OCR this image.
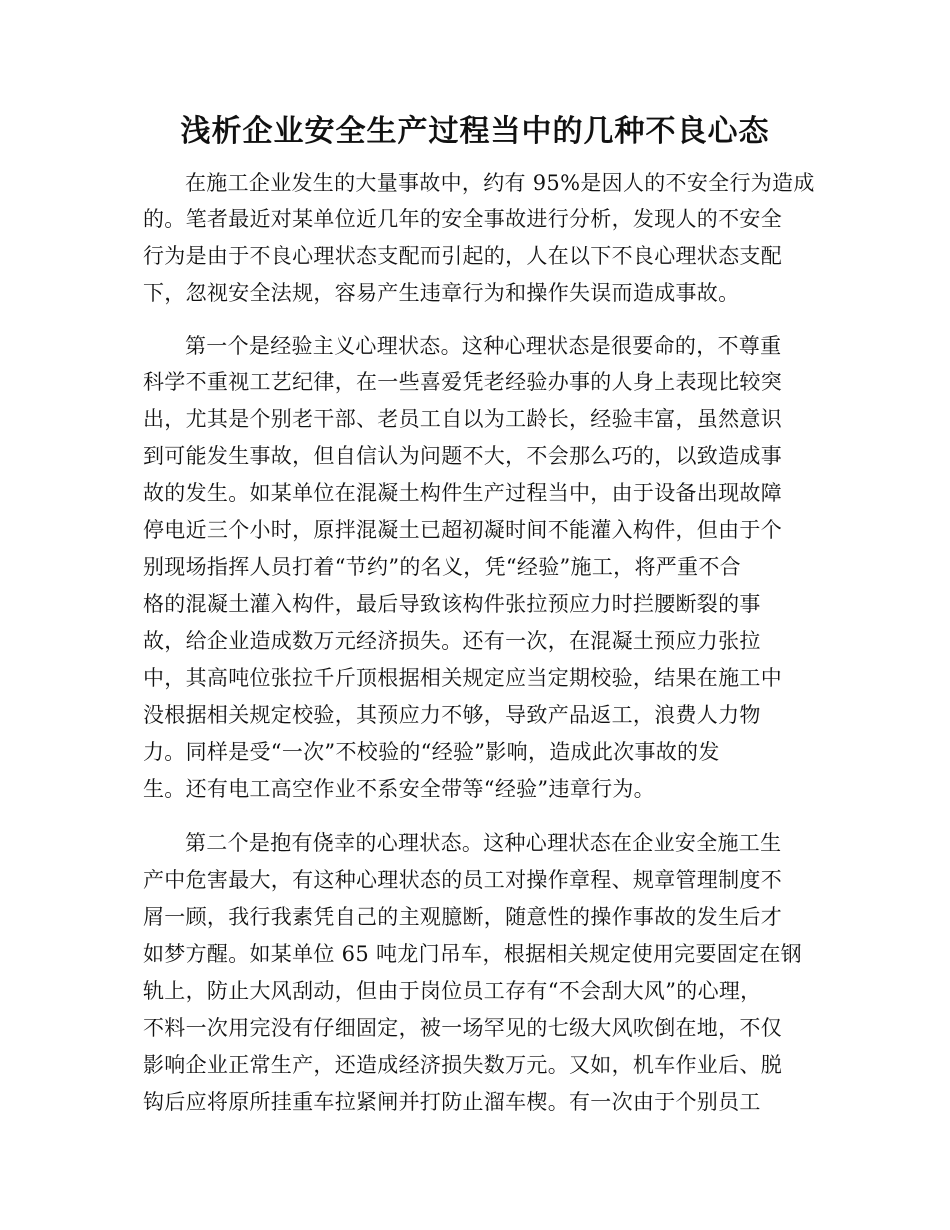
浅析企业安全生产过程当中的几种不良心态
在施工企业发生的大量事故中，约有 95%是因人的不安全行为造成
的。笔者最近对某单位近几年的安全事故进行分析，发现人的不安全
行为是由于不良心理状态支配而引起的，人在以下不良心理状态支配
下，忽视安全法规，容易产生违章行为和操作失误而造成事故。
第一个是经验主义心理状态。这种心理状态是很要命的，不尊重
科学不重视工艺纪律，在一些喜爱凭老经验办事的人身上表现比较突
出，尤其是个别老干部、老员工自以为工龄长，经验丰富，虽然意识
到可能发生事故，但自信认为问题不大，不会那么巧的，以致造成事
故的发生。如某单位在混凝土构件生产过程当中，由于设备出现故障
停电近三个小时，原拌混凝土已超初凝时间不能灌入构件，但由于个
别现场指挥人员打着“节约”的名义，凭“经验”施工，将严重不合
格的混凝土灌入构件，最后导致该构件张拉预应力时拦腰断裂的事
故，给企业造成数万元经济损失。还有一次，在混凝土预应力张拉
中，其高吨位张拉千斤顶根据相关规定应当定期校验，结果在施工中
没根据相关规定校验，其预应力不够，导致产品返工，浪费人力物
力。同样是受“一次”不校验的“经验”影响，造成此次事故的发
生。还有电工高空作业不系安全带等“经验”违章行为。
第二个是抱有侥幸的心理状态。这种心理状态在企业安全施工生
产中危害最大，有这种心理状态的员工对操作章程、规章管理制度不
屑一顾，我行我素凭自己的主观臆断，随意性的操作事故的发生后才
如梦方醒。如某单位 65 吨龙门吊车，根据相关规定使用完要固定在钢
轨上，防止大风刮动，但由于岗位员工存有“不会刮大风”的心理，
不料一次用完没有仔细固定，被一场罕见的七级大风吹倒在地，不仅
影响企业正常生产，还造成经济损失数万元。又如，机车作业后、脱
钩后应将原所挂重车拉紧闸并打防止溜车楔。有一次由于个别员工
